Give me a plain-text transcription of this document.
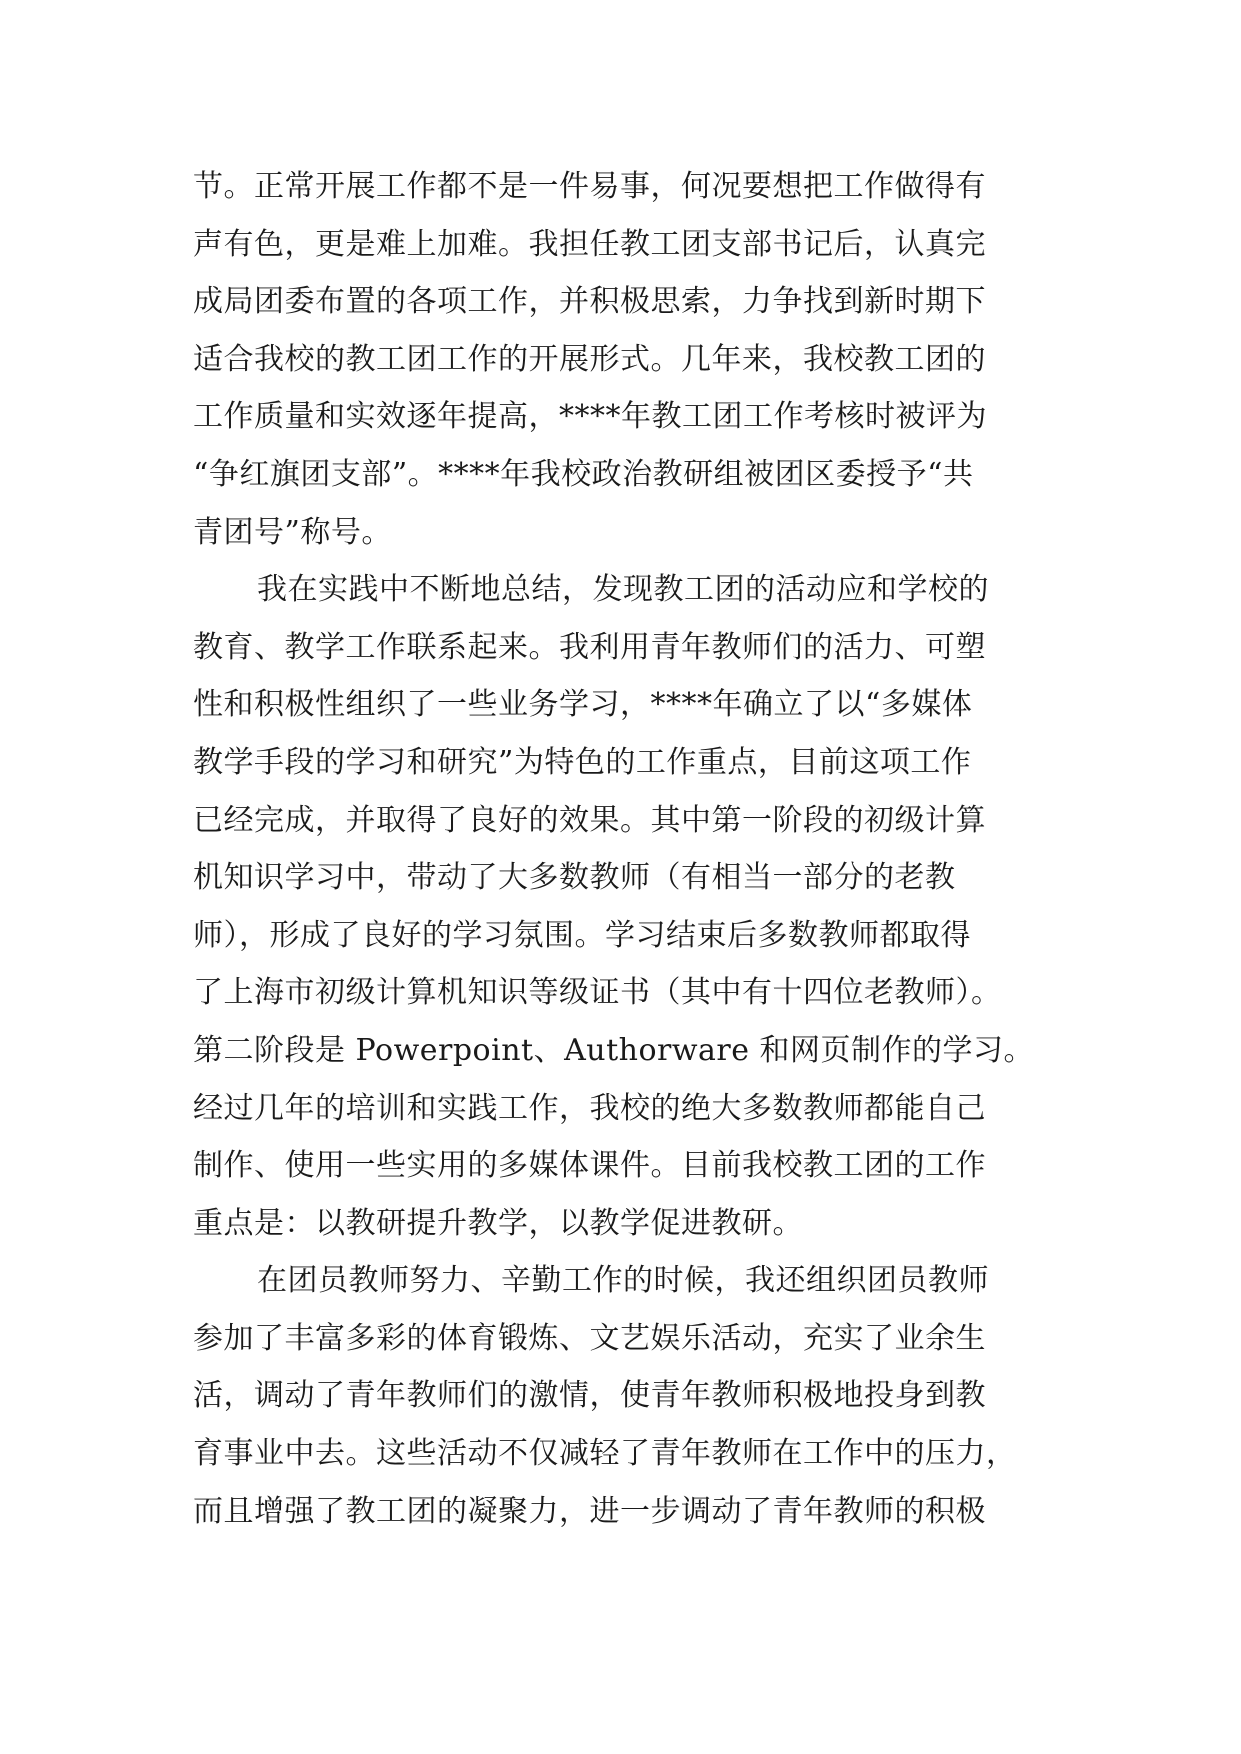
节。正常开展工作都不是一件易事，何况要想把工作做得有
声有色，更是难上加难。我担任教工团支部书记后，认真完
成局团委布置的各项工作，并积极思索，力争找到新时期下
适合我校的教工团工作的开展形式。几年来，我校教工团的
工作质量和实效逐年提高，****年教工团工作考核时被评为
“争红旗团支部”。****年我校政治教研组被团区委授予“共
青团号”称号。
我在实践中不断地总结，发现教工团的活动应和学校的
教育、教学工作联系起来。我利用青年教师们的活力、可塑
性和积极性组织了一些业务学习，****年确立了以“多媒体
教学手段的学习和研究”为特色的工作重点，目前这项工作
已经完成，并取得了良好的效果。其中第一阶段的初级计算
机知识学习中，带动了大多数教师（有相当一部分的老教
师），形成了良好的学习氛围。学习结束后多数教师都取得
了上海市初级计算机知识等级证书（其中有十四位老教师）。
第二阶段是 Powerpoint、Authorware 和网页制作的学习。
经过几年的培训和实践工作，我校的绝大多数教师都能自己
制作、使用一些实用的多媒体课件。目前我校教工团的工作
重点是：以教研提升教学，以教学促进教研。
在团员教师努力、辛勤工作的时候，我还组织团员教师
参加了丰富多彩的体育锻炼、文艺娱乐活动，充实了业余生
活，调动了青年教师们的激情，使青年教师积极地投身到教
育事业中去。这些活动不仅减轻了青年教师在工作中的压力，
而且增强了教工团的凝聚力，进一步调动了青年教师的积极
